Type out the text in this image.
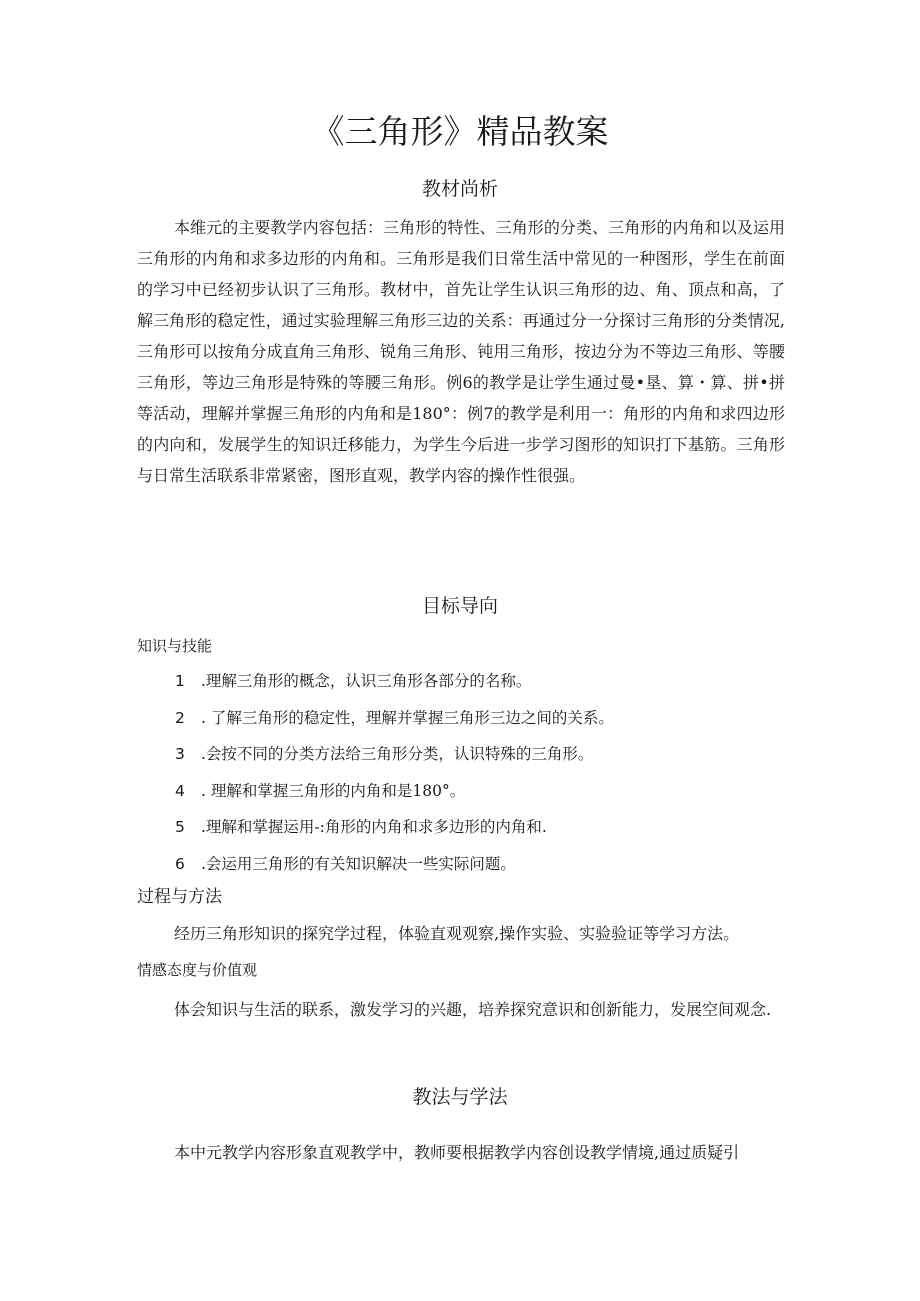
《三角形》精品教案
教材尚析

本维元的主要教学内容包括：三角形的特性、三角形的分类、三角形的内角和以及运用三角形的内角和求多边形的内角和。三角形是我们日常生活中常见的一种图形，学生在前面的学习中已经初步认识了三角形。教材中，首先让学生认识三角形的边、角、顶点和高，了解三角形的稳定性，通过实验理解三角形三边的关系：再通过分一分探讨三角形的分类情况,三角形可以按角分成直角三角形、锐角三角形、钝用三角形，按边分为不等边三角形、等腰三角形，等边三角形是特殊的等腰三角形。例6的教学是让学生通过曼•垦、算・算、拼•拼等活动，理解并掌握三角形的内角和是180°：例7的教学是利用一：角形的内角和求四边形的内向和，发展学生的知识迁移能力，为学生今后进一步学习图形的知识打下基筋。三角形与日常生活联系非常紧密，图形直观，教学内容的操作性很强。

目标导向

知识与技能

1 .理解三角形的概念，认识三角形各部分的名称。
2 . 了解三角形的稳定性，理解并掌握三角形三边之间的关系。
3 .会按不同的分类方法给三角形分类，认识特殊的三角形。
4 . 理解和掌握三角形的内角和是180°。
5 .理解和掌握运用-:角形的内角和求多边形的内角和.
6 .会运用三角形的有关知识解决一些实际问题。

过程与方法

经历三角形知识的探究学过程，体验直观观察,操作实验、实验验证等学习方法。

情感态度与价值观

体会知识与生活的联系，激发学习的兴趣，培养探究意识和创新能力，发展空间观念.

教法与学法

本中元教学内容形象直观教学中，教师要根据教学内容创设教学情境,通过质疑引
